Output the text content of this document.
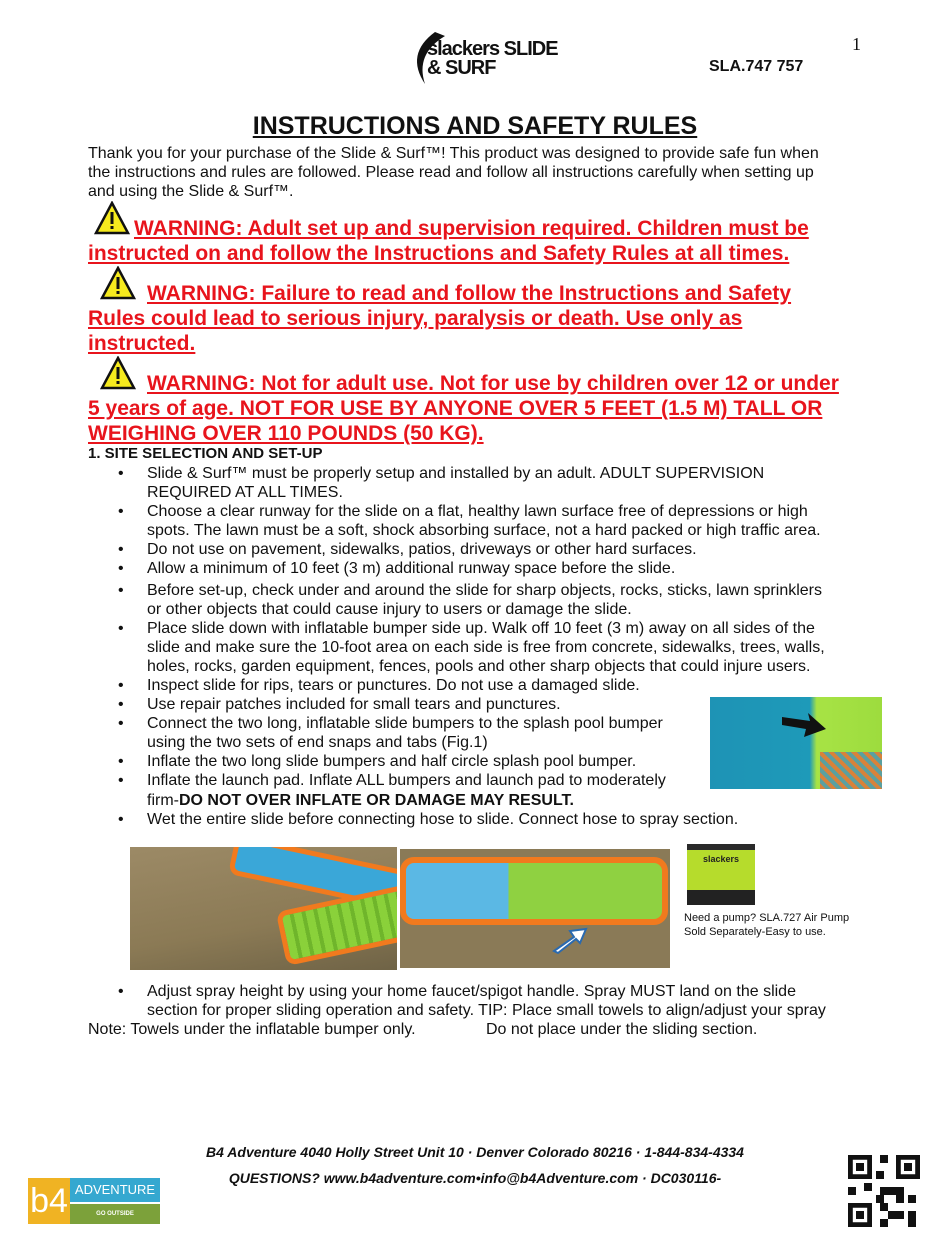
slackers SLIDE & SURF	SLA.747 757
1
INSTRUCTIONS AND SAFETY RULES
Thank you for your purchase of the Slide & Surf™! This product was designed to provide safe fun when
the instructions and rules are followed. Please read and follow all instructions carefully when setting up
and using the Slide & Surf™.
WARNING: Adult set up and supervision required. Children must be
instructed on and follow the Instructions and Safety Rules at all times.
WARNING: Failure to read and follow the Instructions and Safety
Rules could lead to serious injury, paralysis or death. Use only as
instructed.
WARNING: Not for adult use. Not for use by children over 12 or under
5 years of age. NOT FOR USE BY ANYONE OVER 5 FEET (1.5 M) TALL OR
WEIGHING OVER 110 POUNDS (50 KG).
1. SITE SELECTION AND SET-UP
• Slide & Surf™ must be properly setup and installed by an adult. ADULT SUPERVISION
REQUIRED AT ALL TIMES.
• Choose a clear runway for the slide on a flat, healthy lawn surface free of depressions or high
spots. The lawn must be a soft, shock absorbing surface, not a hard packed or high traffic area.
• Do not use on pavement, sidewalks, patios, driveways or other hard surfaces.
• Allow a minimum of 10 feet (3 m) additional runway space before the slide.
• Before set-up, check under and around the slide for sharp objects, rocks, sticks, lawn sprinklers
or other objects that could cause injury to users or damage the slide.
• Place slide down with inflatable bumper side up. Walk off 10 feet (3 m) away on all sides of the
slide and make sure the 10-foot area on each side is free from concrete, sidewalks, trees, walls,
holes, rocks, garden equipment, fences, pools and other sharp objects that could injure users.
• Inspect slide for rips, tears or punctures. Do not use a damaged slide.
• Use repair patches included for small tears and punctures.
• Connect the two long, inflatable slide bumpers to the splash pool bumper
using the two sets of end snaps and tabs (Fig.1)
• Inflate the two long slide bumpers and half circle splash pool bumper.
• Inflate the launch pad. Inflate ALL bumpers and launch pad to moderately
• Wet the entire slide before connecting hose to slide. Connect hose to spray section.
firm-DO NOT OVER INFLATE OR DAMAGE MAY RESULT.
slackers
Need a pump? SLA.727 Air Pump
Sold Separately-Easy to use.
• Adjust spray height by using your home faucet/spigot handle. Spray MUST land on the slide
section for proper sliding operation and safety. TIP: Place small towels to align/adjust your spray
Note: Towels under the inflatable bumper only.	Do not place under the sliding section.
B4 Adventure 4040 Holly Street Unit 10 · Denver Colorado 80216 · 1-844-834-4334
QUESTIONS? www.b4adventure.com•info@b4Adventure.com · DC030116-
b4 ADVENTURE
GO OUTSIDE
